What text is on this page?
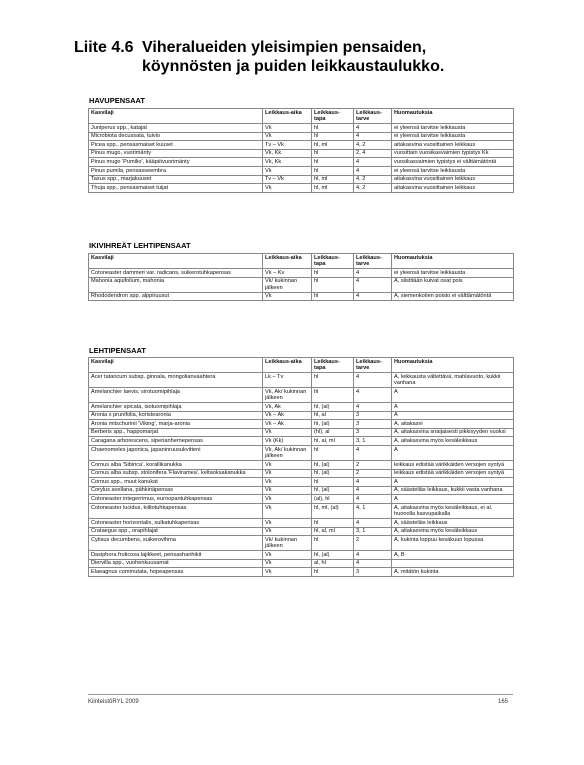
Liite 4.6 Viheralueiden yleisimpien pensaiden,
köynnösten ja puiden leikkaustaulukko.
HAVUPENSAAT
Kasvilaji	Leikkaus-aika	Leikkaus-tapa	Leikkaus-tarve	Huomautuksia
Juniperus spp., katajat	Vk	hl	4	ei yleensä tarvitse leikkausta
Microbiota decussata, tuivio	Vk	hl	4	ei yleensä tarvitse leikkausta
Picea spp., pensasmaiset kuuset	Tv – Vk	hl, ml	4, 2	aitakasvina vuosittainen leikkaus
Pinus mugo, vuorimänty	Vk, Kk	hl	2, 4	vuosittain vuosikasvaimien typistys Kk
Pinus mugo 'Pumilio', kääpiövuorimänty	Vk, Kk	hl	4	vuosikasvaimien typistys ei välttämätöntä
Pinus pumila, pensasseembra	Vk	hl	4	ei yleensä tarvitse leikkausta
Taxus spp., marjakuuset	Tv – Vk	hl, ml	4, 2	aitakasvina vuosittainen leikkaus
Thuja spp., pensasmaiset tuijat	Vk	hl, ml	4, 2	aitakasvina vuosittainen leikkaus
IKIVIHREÄT LEHTIPENSAAT
Kasvilaji	Leikkaus-aika	Leikkaus-tapa	Leikkaus-tarve	Huomautuksia
Cotoneaster dammeri var. radicans, suikerotuhkapensas	Vk – Kv	hl	4	ei yleensä tarvitse leikkausta
Mahonia aquifolium, mahonia	Vk/ kukinnan jälkeen	hl	4	A, siistitään kuivat osat pois
Rhododendron spp. alppiruusut	Vk	hl	4	A, siemenkotien poisto ei välttämätöntä
LEHTIPENSAAT
Kasvilaji	Leikkaus-aika	Leikkaus-tapa	Leikkaus-tarve	Huomautuksia
Acer tataricum subsp. ginnala, mongolianvaahtera	Lk – Tv	hl	4	A, leikkausta vältettävä, mahlavuoto, kukkii vanhana
Amelanchier laevis, sirotuomipihlaja	Vk, Ak/ kukinnan jälkeen	hl	4	A
Amelanchier spicata, isotuomipihlaja	Vk, Ak	hl, (al)	4	A
Aronia x prunifolia, koristearonia	Vk – Ak	hl, al	3	A
Aronia mitschurinii 'Viking', marja-aronia	Vk – Ak	hl, (al)	3	A, aitakasvi
Berberis spp., happomarjat	Vk	(hl), al	3	A, aitakasvina snaijaisesti pikkisyyden vuoksi
Caragana arborescens, siperianhernepensas	Vk (Kk)	hl, al, ml	3, 1	A, aitakasvina myös kesäleikkaus
Chaenomeles japonica, japaninruusukvitteni	Vk, Ak/ kukinnan jälkeen	hl	4	A
Cornus alba 'Sibirica', korallikanukka	Vk	hl, (al)	2	leikkaus edistää värikkäiden versojen syntyä
Cornus alba subsp. stolonifera 'Flaviramea', keltaoksakanukka	Vk	hl, (al)	2	leikkaus edistää värikkäiden versojen syntyä
Cornus spp., muut kanukat	Vk	hl	4	A
Corylus avellana, pähkinäpensas	Vk	hl, (al)	4	A, säästeliäs leikkaus, kukkii vasta vanhana
Cotoneaster integerrimus, euroopantuhkapensas	Vk	(al), hl	4	A
Cotoneaster lucidus, kiiltotuhkapensas	Vk	hl, ml, (al)	4, 1	A, aitakasvina myös kesäleikkaus, ei al. huonolla kasvupaikalla
Cotoneaster horizontalis, sulkatuhkapensas	Vk	hl	4	A, säästeliäs leikkaus
Crataegus spp., orapihlajat	Vk	hl, al, ml	3, 1	A, aitakasvina myös kesäleikkaus
Cytisus decumbens, suikerovihma	Vk/ kukinnan jälkeen	hl	2	A, kukinta loppuu kesäkuun lopussa
Dasiphora fruticosa lajikkeet, pensashanhikit	Vk	hl, (al)	4	A, B
Diervilla spp., vuohenkuusamat	Vk	al, hl	4	
Elaeagnus commutata, hopeapensas	Vk	hl	3	A, mitätön kukinta
KiinteistöRYL 2009	165
